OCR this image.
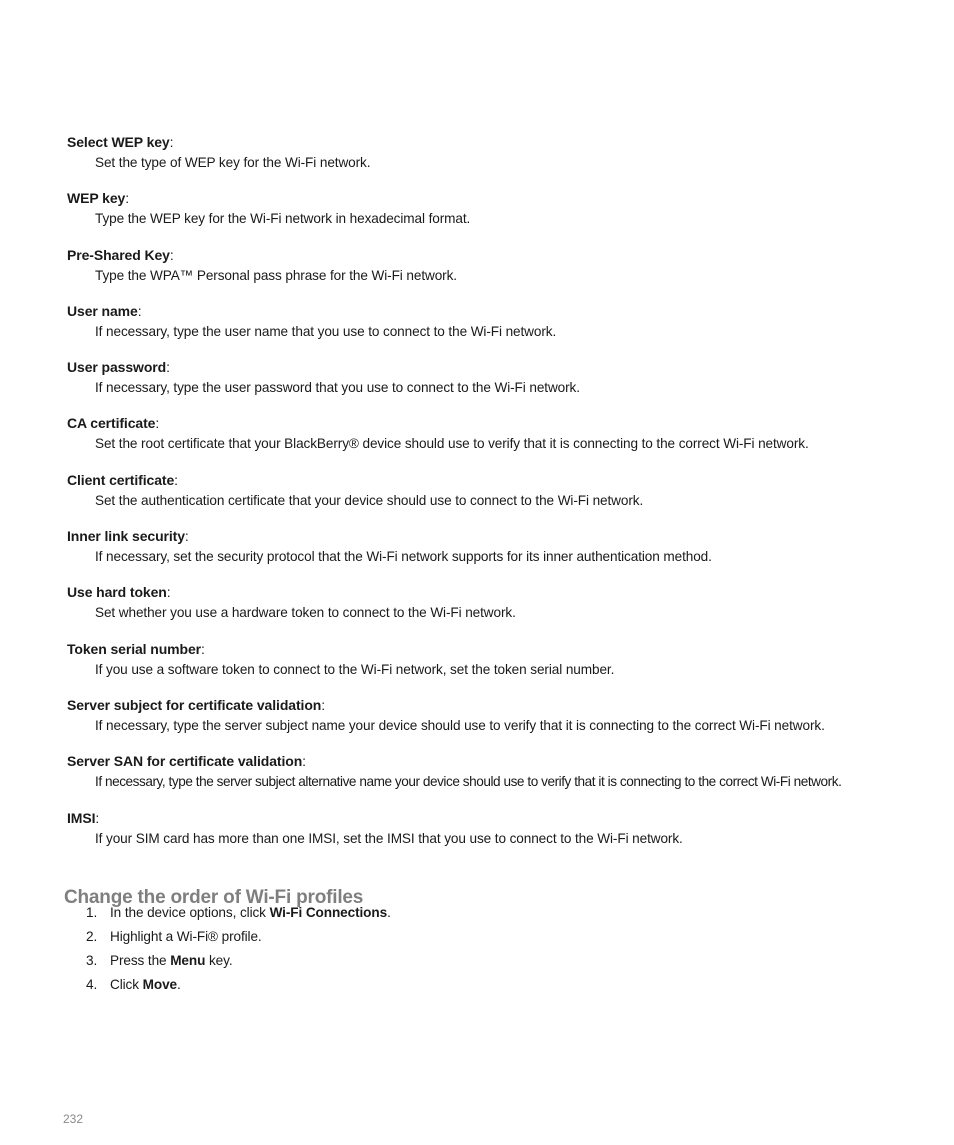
Select WEP key:
Set the type of WEP key for the Wi-Fi network.
WEP key:
Type the WEP key for the Wi-Fi network in hexadecimal format.
Pre-Shared Key:
Type the WPA™ Personal pass phrase for the Wi-Fi network.
User name:
If necessary, type the user name that you use to connect to the Wi-Fi network.
User password:
If necessary, type the user password that you use to connect to the Wi-Fi network.
CA certificate:
Set the root certificate that your BlackBerry® device should use to verify that it is connecting to the correct Wi-Fi network.
Client certificate:
Set the authentication certificate that your device should use to connect to the Wi-Fi network.
Inner link security:
If necessary, set the security protocol that the Wi-Fi network supports for its inner authentication method.
Use hard token:
Set whether you use a hardware token to connect to the Wi-Fi network.
Token serial number:
If you use a software token to connect to the Wi-Fi network, set the token serial number.
Server subject for certificate validation:
If necessary, type the server subject name your device should use to verify that it is connecting to the correct Wi-Fi network.
Server SAN for certificate validation:
If necessary, type the server subject alternative name your device should use to verify that it is connecting to the correct Wi-Fi network.
IMSI:
If your SIM card has more than one IMSI, set the IMSI that you use to connect to the Wi-Fi network.
Change the order of Wi-Fi profiles
1. In the device options, click Wi-Fi Connections.
2. Highlight a Wi-Fi® profile.
3. Press the Menu key.
4. Click Move.
232
